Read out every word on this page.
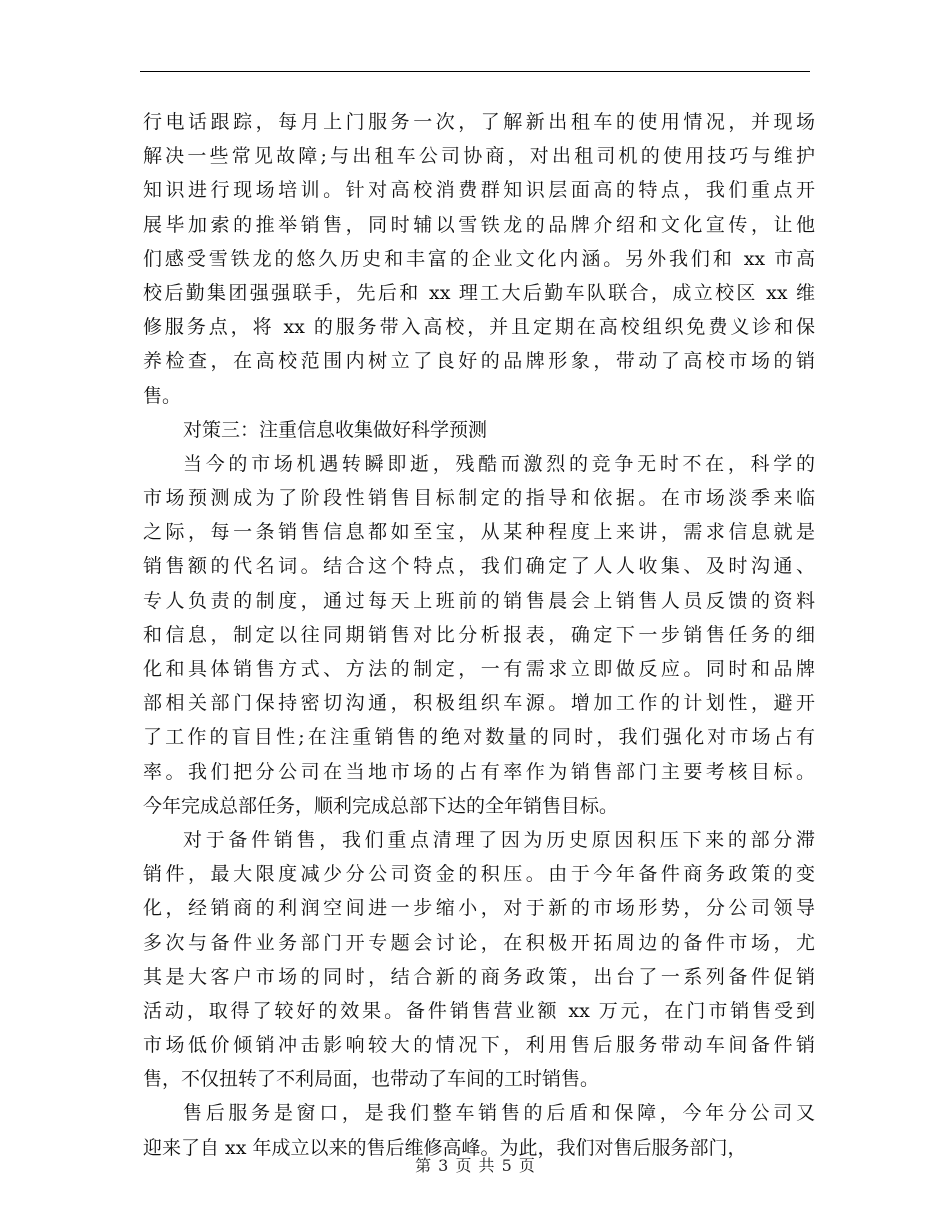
行电话跟踪，每月上门服务一次，了解新出租车的使用情况，并现场
解决一些常见故障;与出租车公司协商，对出租司机的使用技巧与维护
知识进行现场培训。针对高校消费群知识层面高的特点，我们重点开
展毕加索的推举销售，同时辅以雪铁龙的品牌介绍和文化宣传，让他
们感受雪铁龙的悠久历史和丰富的企业文化内涵。另外我们和 xx 市高
校后勤集团强强联手，先后和 xx 理工大后勤车队联合，成立校区 xx 维
修服务点，将 xx 的服务带入高校，并且定期在高校组织免费义诊和保
养检查，在高校范围内树立了良好的品牌形象，带动了高校市场的销
售。
对策三：注重信息收集做好科学预测
当今的市场机遇转瞬即逝，残酷而激烈的竞争无时不在，科学的
市场预测成为了阶段性销售目标制定的指导和依据。在市场淡季来临
之际，每一条销售信息都如至宝，从某种程度上来讲，需求信息就是
销售额的代名词。结合这个特点，我们确定了人人收集、及时沟通、
专人负责的制度，通过每天上班前的销售晨会上销售人员反馈的资料
和信息，制定以往同期销售对比分析报表，确定下一步销售任务的细
化和具体销售方式、方法的制定，一有需求立即做反应。同时和品牌
部相关部门保持密切沟通，积极组织车源。增加工作的计划性，避开
了工作的盲目性;在注重销售的绝对数量的同时，我们强化对市场占有
率。我们把分公司在当地市场的占有率作为销售部门主要考核目标。
今年完成总部任务，顺利完成总部下达的全年销售目标。
对于备件销售，我们重点清理了因为历史原因积压下来的部分滞
销件，最大限度减少分公司资金的积压。由于今年备件商务政策的变
化，经销商的利润空间进一步缩小，对于新的市场形势，分公司领导
多次与备件业务部门开专题会讨论，在积极开拓周边的备件市场，尤
其是大客户市场的同时，结合新的商务政策，出台了一系列备件促销
活动，取得了较好的效果。备件销售营业额 xx 万元，在门市销售受到
市场低价倾销冲击影响较大的情况下，利用售后服务带动车间备件销
售，不仅扭转了不利局面，也带动了车间的工时销售。
售后服务是窗口，是我们整车销售的后盾和保障，今年分公司又
迎来了自 xx 年成立以来的售后维修高峰。为此，我们对售后服务部门，
第 3 页 共 5 页
